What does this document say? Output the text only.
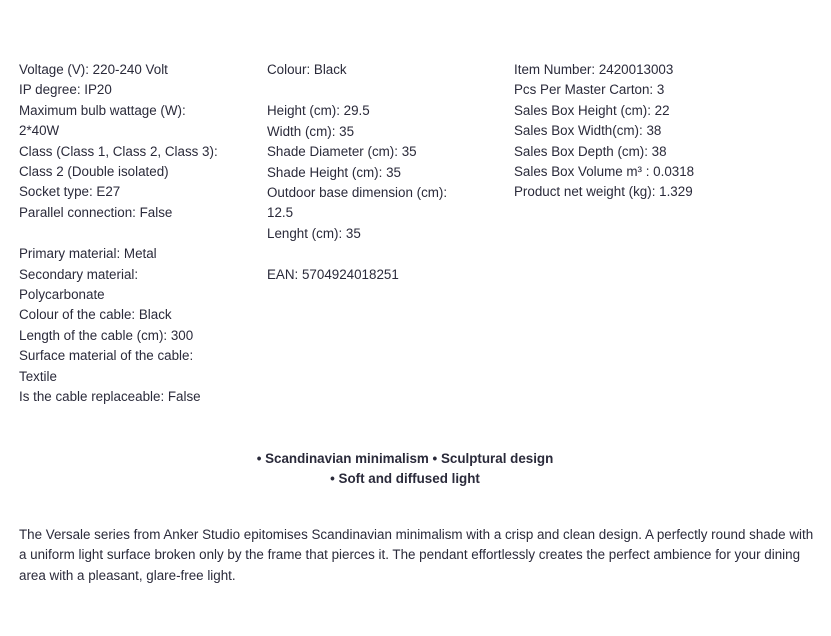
Voltage (V): 220-240 Volt
IP degree: IP20
Maximum bulb wattage (W):
2*40W
Class (Class 1, Class 2, Class 3):
Class 2 (Double isolated)
Socket type: E27
Parallel connection: False
Primary material: Metal
Secondary material:
Polycarbonate
Colour of the cable: Black
Length of the cable (cm): 300
Surface material of the cable:
Textile
Is the cable replaceable: False
Colour: Black
Height (cm): 29.5
Width (cm): 35
Shade Diameter (cm): 35
Shade Height (cm): 35
Outdoor base dimension (cm):
12.5
Lenght (cm): 35
EAN: 5704924018251
Item Number: 2420013003
Pcs Per Master Carton: 3
Sales Box Height (cm): 22
Sales Box Width(cm): 38
Sales Box Depth (cm): 38
Sales Box Volume m³ : 0.0318
Product net weight (kg): 1.329
• Scandinavian minimalism • Sculptural design
• Soft and diffused light
The Versale series from Anker Studio epitomises Scandinavian minimalism with a crisp and clean design. A perfectly round shade with a uniform light surface broken only by the frame that pierces it. The pendant effortlessly creates the perfect ambience for your dining area with a pleasant, glare-free light.
